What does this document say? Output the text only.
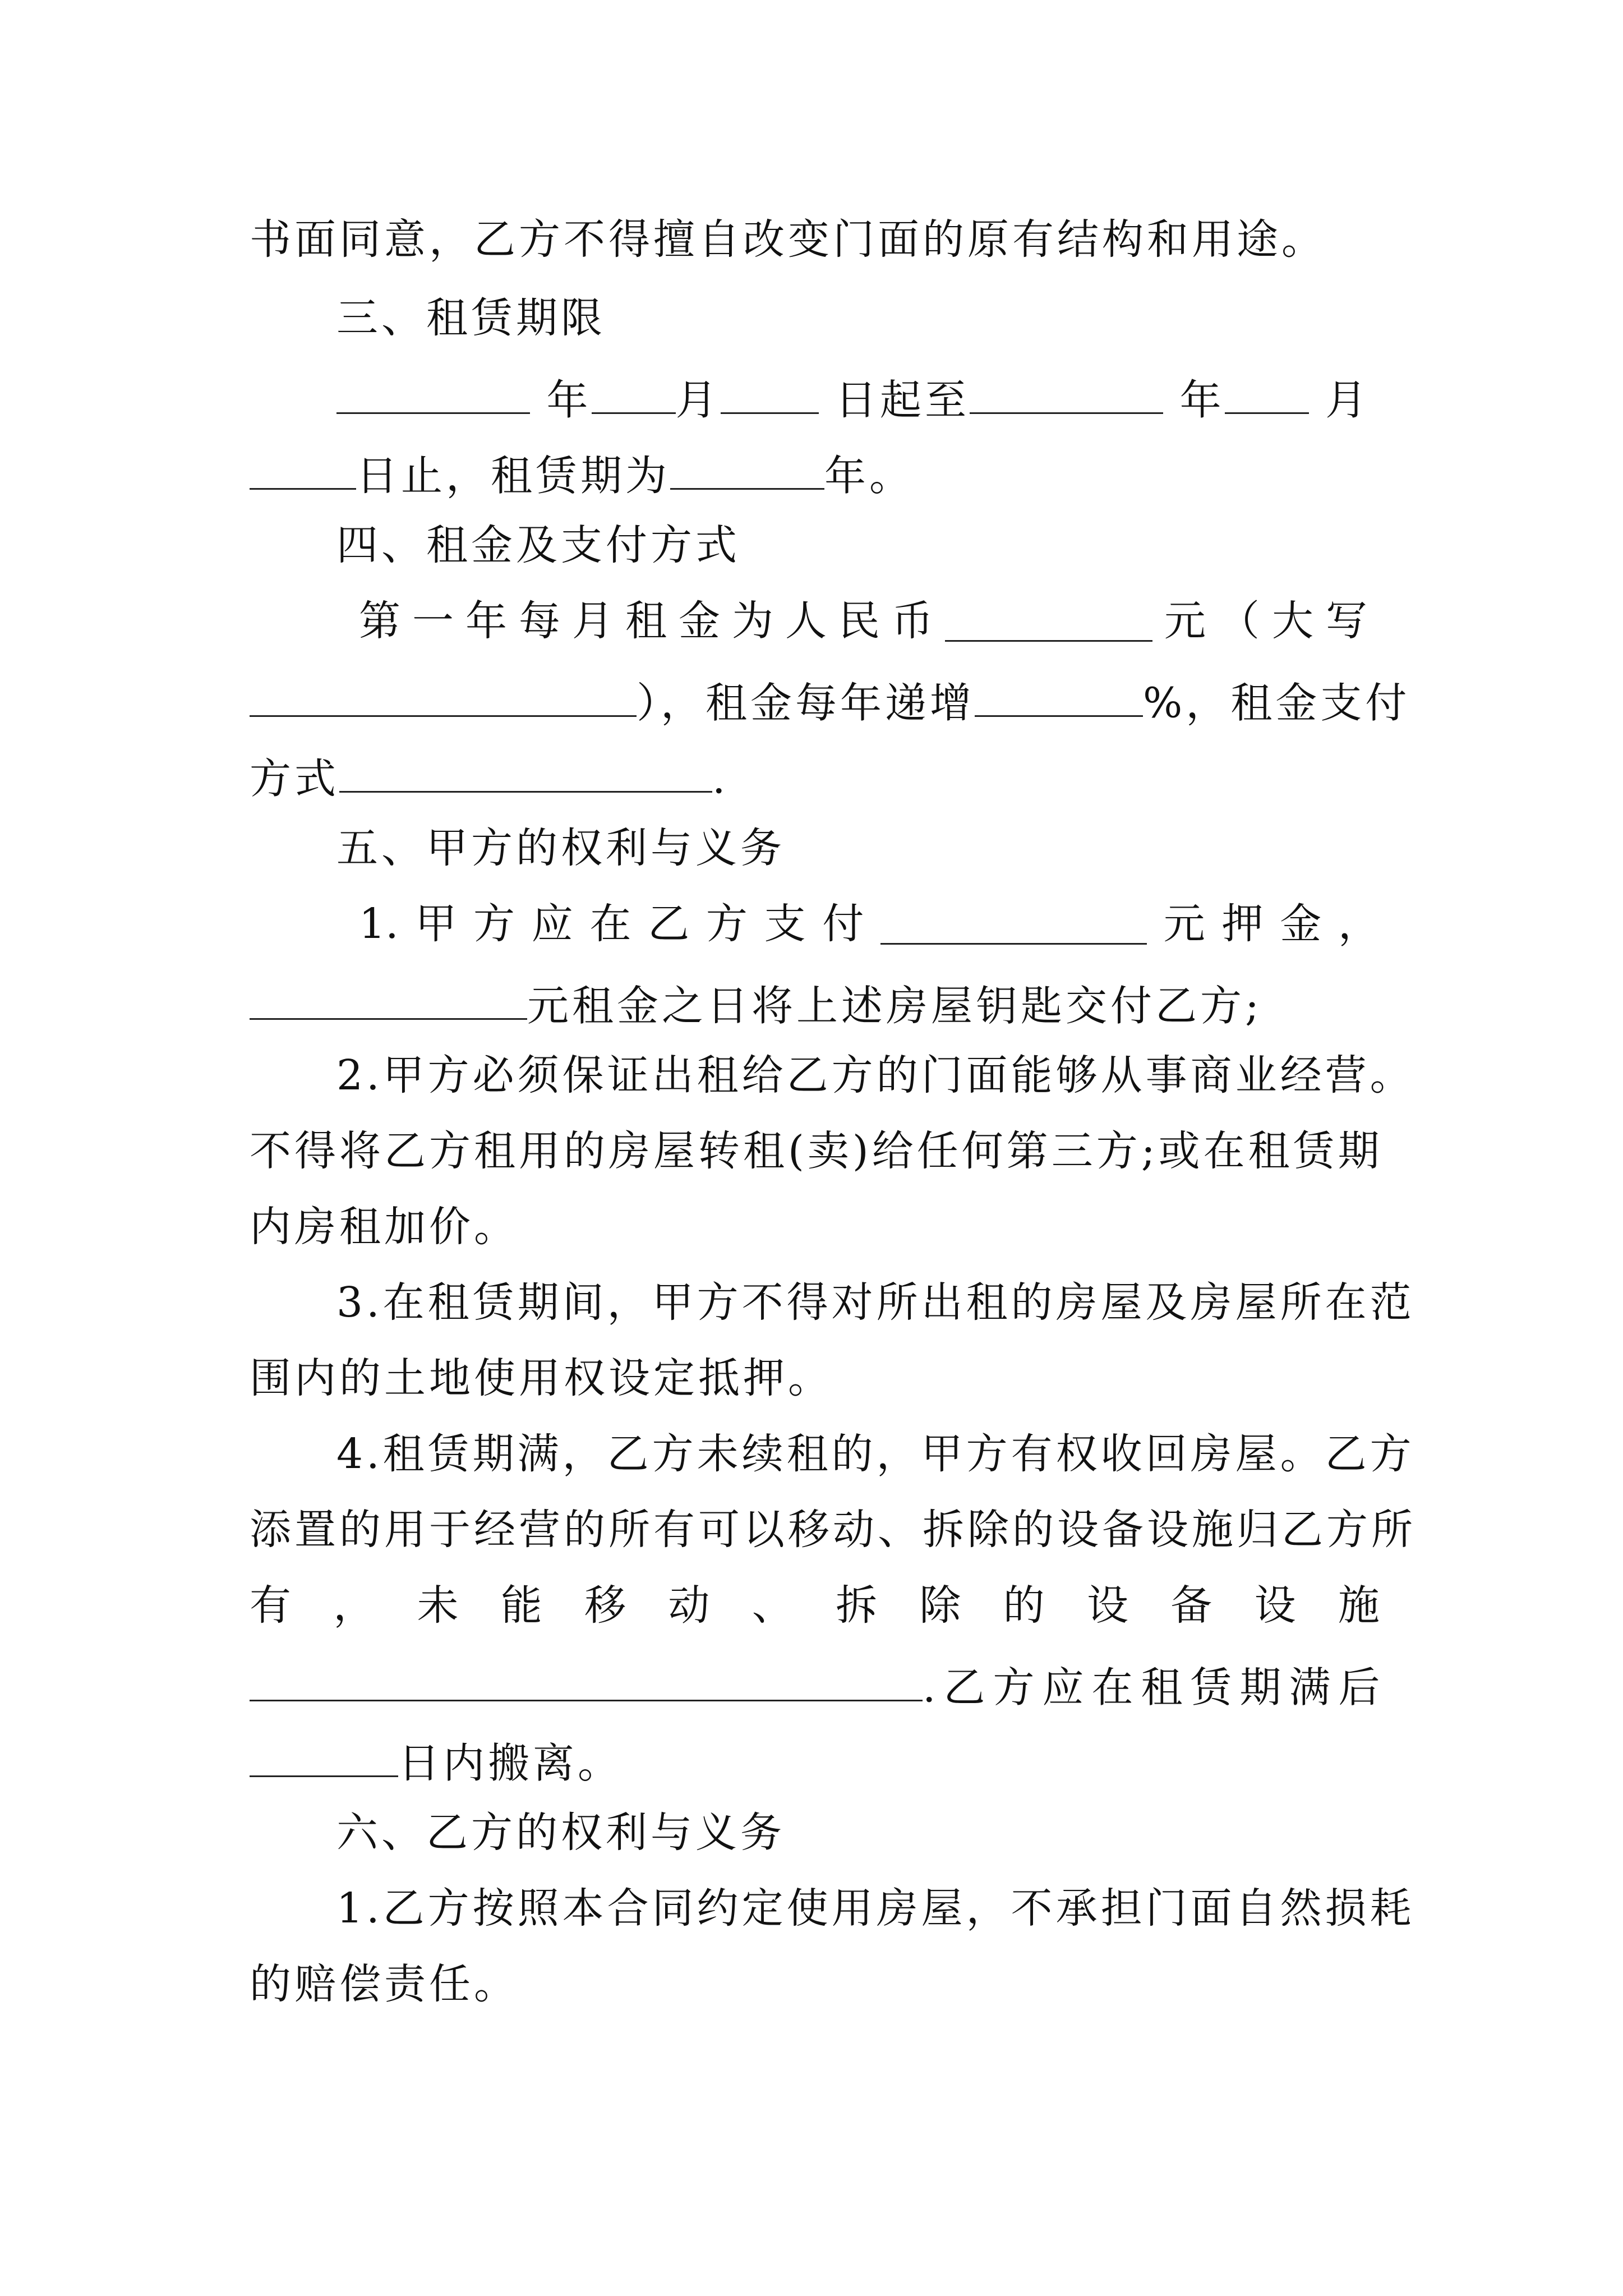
书面同意，乙方不得擅自改变门面的原有结构和用途。
三、租赁期限
年 月	日起至	年 月
日止，租赁期为	年。
四、租金及支付方式
第 一 年 每 月 租 金 为 人 民 币	元（大写
），租金每年递增	%，租金支付
方式	.
五、甲方的权利与义务
1. 甲 方 应 在 乙 方 支 付	元 押 金 ，
元租金之日将上述房屋钥匙交付乙方;
2.甲方必须保证出租给乙方的门面能够从事商业经营。
不得将乙方租用的房屋转租(卖)给任何第三方;或在租赁期
内房租加价。
3.在租赁期间，甲方不得对所出租的房屋及房屋所在范
围内的土地使用权设定抵押。
4.租赁期满，乙方未续租的，甲方有权收回房屋。乙方
添置的用于经营的所有可以移动、拆除的设备设施归乙方所
有 ， 未 能 移 动 、 拆 除 的 设 备 设 施
.乙方应在租赁期满后
日内搬离。
六、乙方的权利与义务
1.乙方按照本合同约定使用房屋，不承担门面自然损耗
的赔偿责任。
